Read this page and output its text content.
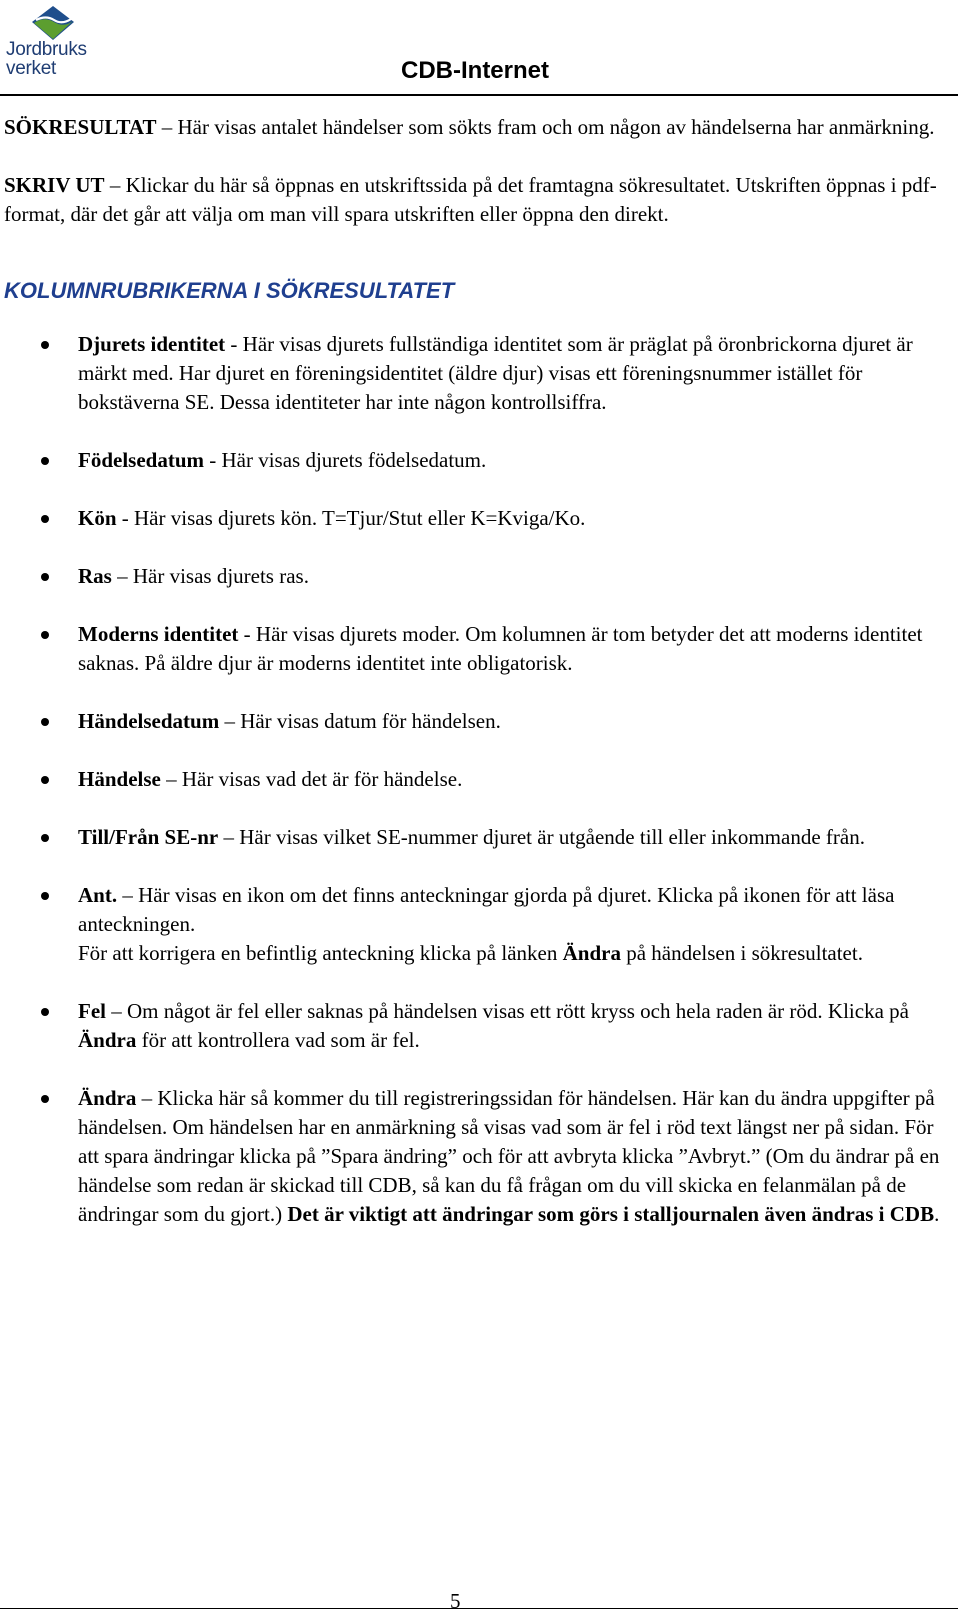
Jordbruks
verket	CDB-Internet

SÖKRESULTAT – Här visas antalet händelser som sökts fram och om någon av händelserna har anmärkning.

SKRIV UT – Klickar du här så öppnas en utskriftssida på det framtagna sökresultatet. Utskriften öppnas i pdf-format, där det går att välja om man vill spara utskriften eller öppna den direkt.

KOLUMNRUBRIKERNA I SÖKRESULTATET

Djurets identitet - Här visas djurets fullständiga identitet som är präglat på öronbrickorna djuret är märkt med. Har djuret en föreningsidentitet (äldre djur) visas ett föreningsnummer istället för bokstäverna SE. Dessa identiteter har inte någon kontrollsiffra.
Födelsedatum - Här visas djurets födelsedatum.
Kön - Här visas djurets kön. T=Tjur/Stut eller K=Kviga/Ko.
Ras – Här visas djurets ras.
Moderns identitet - Här visas djurets moder. Om kolumnen är tom betyder det att moderns identitet saknas. På äldre djur är moderns identitet inte obligatorisk.
Händelsedatum – Här visas datum för händelsen.
Händelse – Här visas vad det är för händelse.
Till/Från SE-nr – Här visas vilket SE-nummer djuret är utgående till eller inkommande från.
Ant. – Här visas en ikon om det finns anteckningar gjorda på djuret. Klicka på ikonen för att läsa anteckningen.
För att korrigera en befintlig anteckning klicka på länken Ändra på händelsen i sökresultatet.
Fel – Om något är fel eller saknas på händelsen visas ett rött kryss och hela raden är röd. Klicka på Ändra för att kontrollera vad som är fel.
Ändra – Klicka här så kommer du till registreringssidan för händelsen. Här kan du ändra uppgifter på händelsen. Om händelsen har en anmärkning så visas vad som är fel i röd text längst ner på sidan. För att spara ändringar klicka på ”Spara ändring” och för att avbryta klicka ”Avbryt.” (Om du ändrar på en händelse som redan är skickad till CDB, så kan du få frågan om du vill skicka en felanmälan på de ändringar som du gjort.) Det är viktigt att ändringar som görs i stalljournalen även ändras i CDB.
5
